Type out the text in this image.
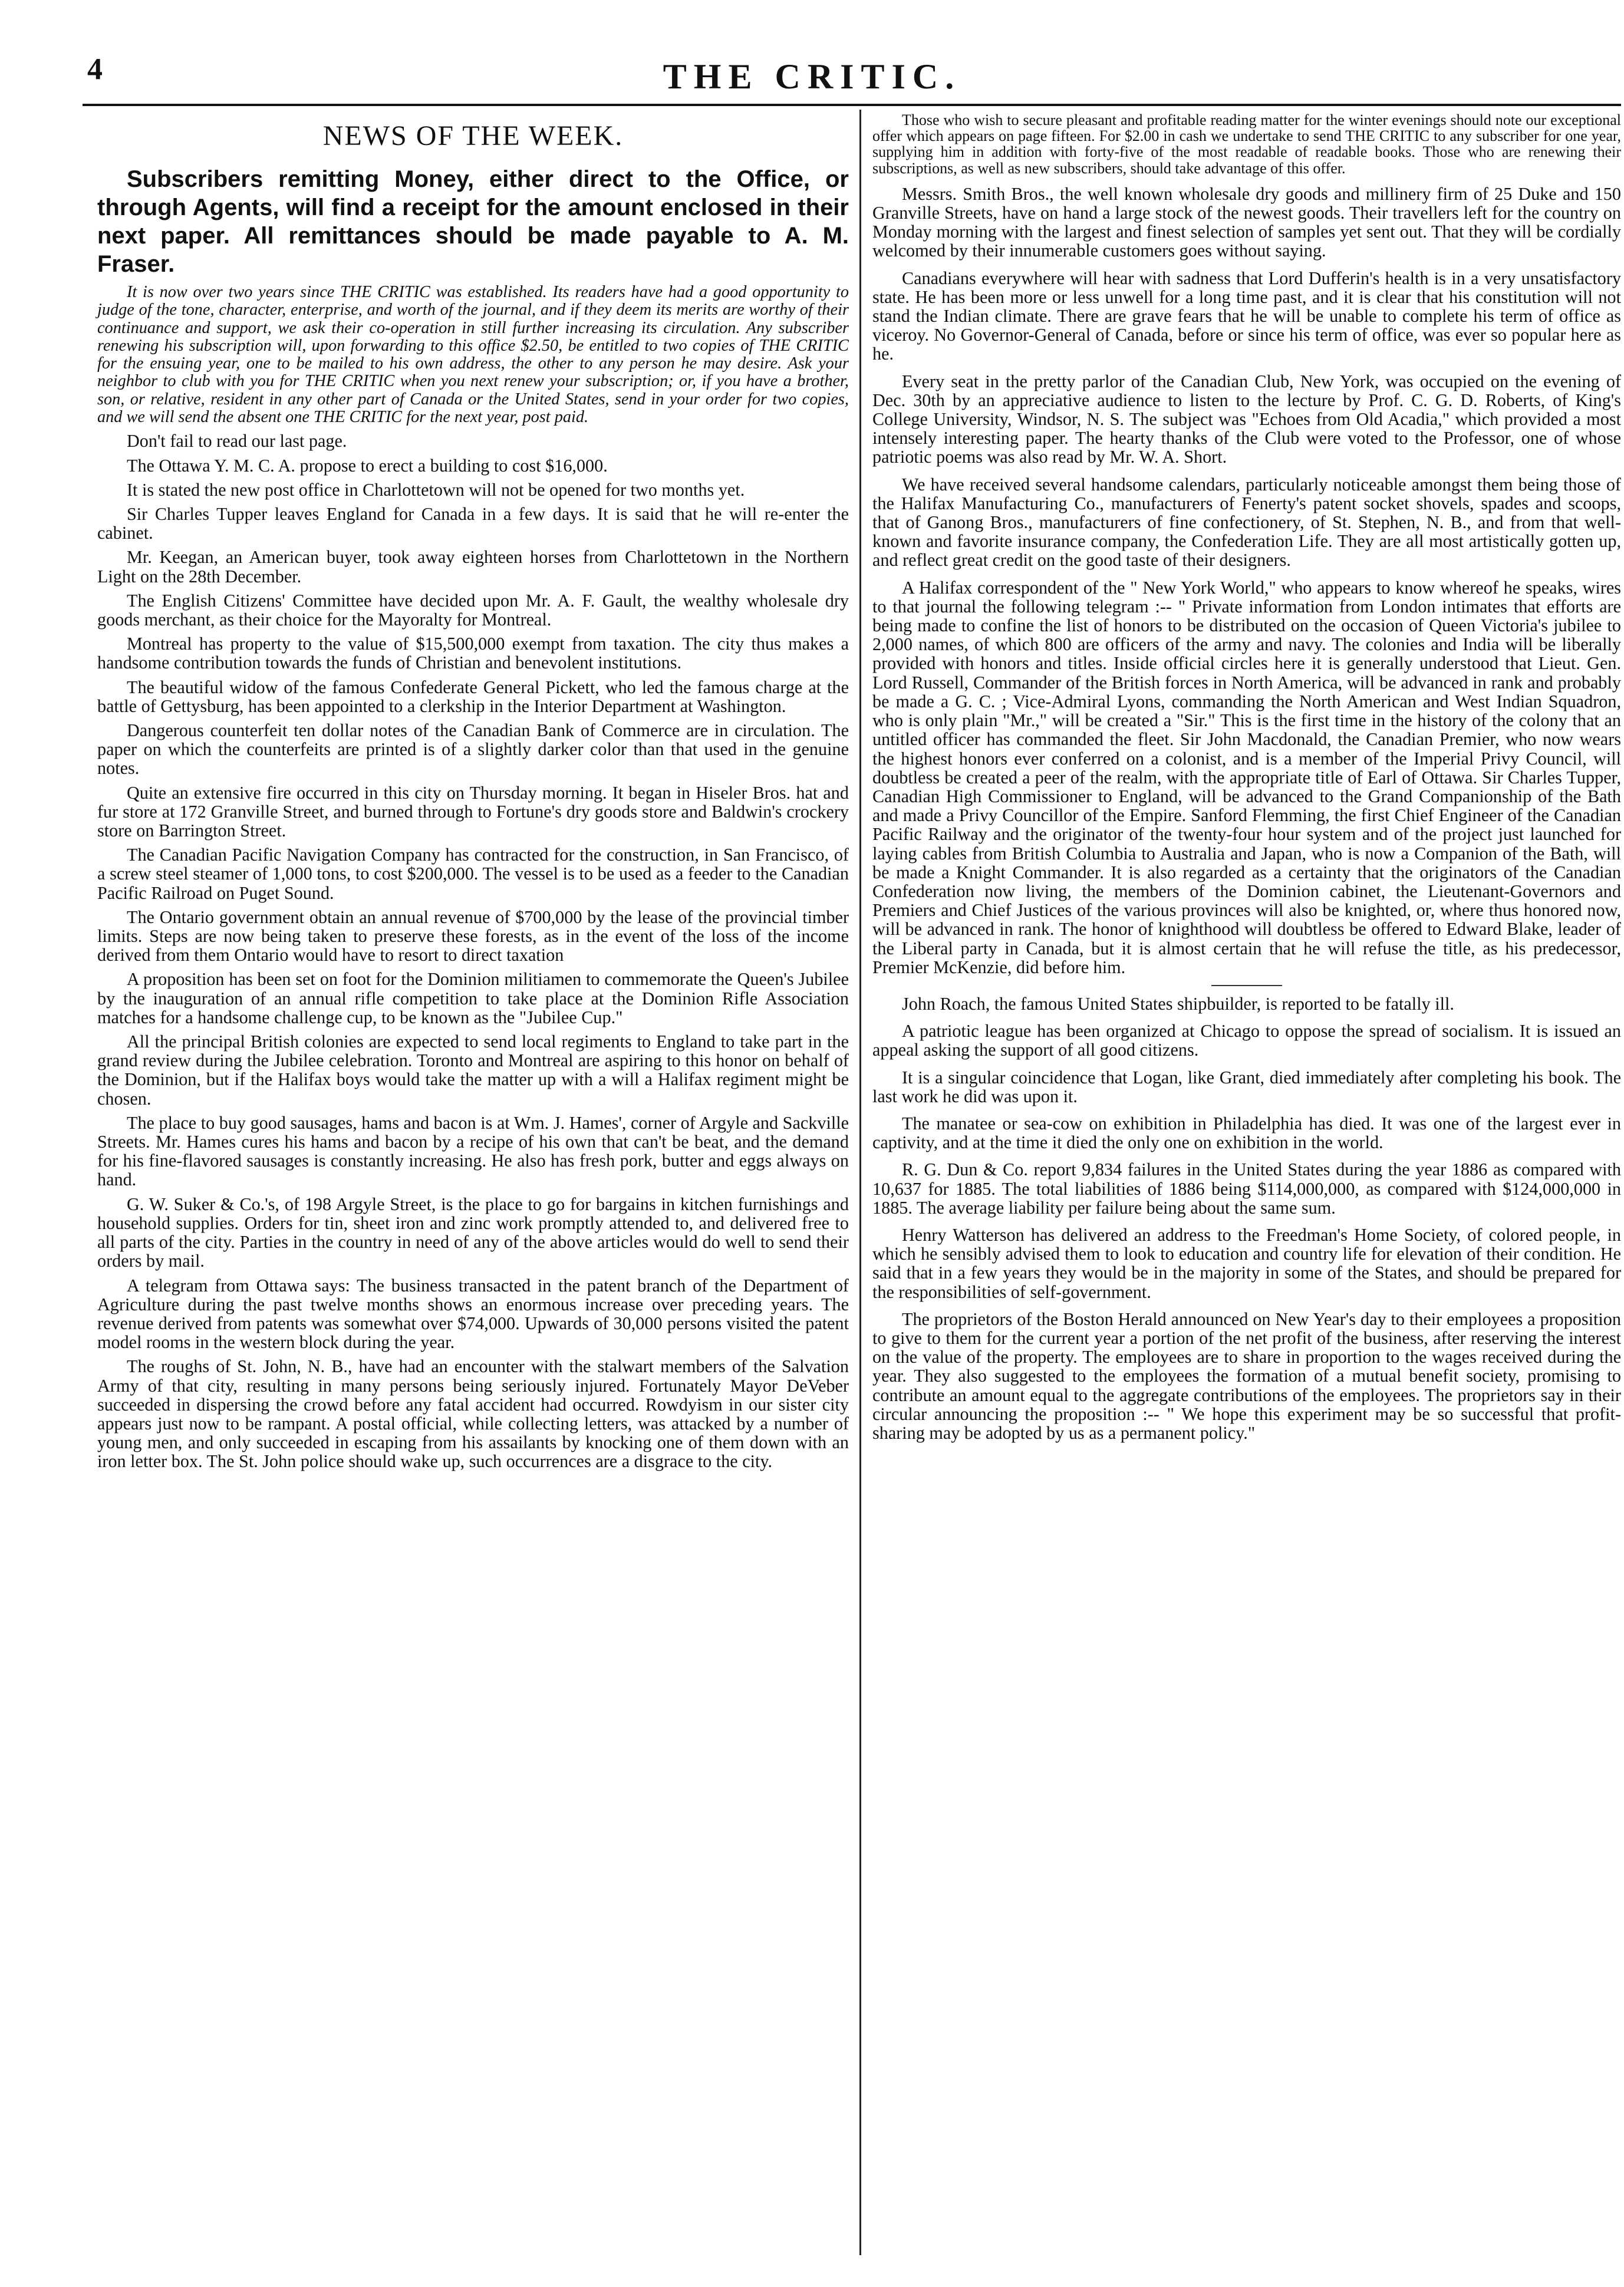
4	THE CRITIC.
NEWS OF THE WEEK.

Subscribers remitting Money, either direct to the Office, or through Agents, will find a receipt for the amount enclosed in their next paper. All remittances should be made payable to A. M. Fraser.

It is now over two years since THE CRITIC was established. Its readers have had a good opportunity to judge of the tone, character, enterprise, and worth of the journal, and if they deem its merits are worthy of their continuance and support, we ask their co-operation in still further increasing its circulation. Any subscriber renewing his subscription will, upon forwarding to this office $2.50, be entitled to two copies of THE CRITIC for the ensuing year, one to be mailed to his own address, the other to any person he may desire. Ask your neighbor to club with you for THE CRITIC when you next renew your subscription; or, if you have a brother, son, or relative, resident in any other part of Canada or the United States, send in your order for two copies, and we will send the absent one THE CRITIC for the next year, post paid.

Don't fail to read our last page.

The Ottawa Y. M. C. A. propose to erect a building to cost $16,000.

It is stated the new post office in Charlottetown will not be opened for two months yet.

Sir Charles Tupper leaves England for Canada in a few days. It is said that he will re-enter the cabinet.

Mr. Keegan, an American buyer, took away eighteen horses from Charlottetown in the Northern Light on the 28th December.

The English Citizens' Committee have decided upon Mr. A. F. Gault, the wealthy wholesale dry goods merchant, as their choice for the Mayoralty for Montreal.

Montreal has property to the value of $15,500,000 exempt from taxation. The city thus makes a handsome contribution towards the funds of Christian and benevolent institutions.

The beautiful widow of the famous Confederate General Pickett, who led the famous charge at the battle of Gettysburg, has been appointed to a clerkship in the Interior Department at Washington.

Dangerous counterfeit ten dollar notes of the Canadian Bank of Commerce are in circulation. The paper on which the counterfeits are printed is of a slightly darker color than that used in the genuine notes.

Quite an extensive fire occurred in this city on Thursday morning. It began in Hiseler Bros. hat and fur store at 172 Granville Street, and burned through to Fortune's dry goods store and Baldwin's crockery store on Barrington Street.

The Canadian Pacific Navigation Company has contracted for the construction, in San Francisco, of a screw steel steamer of 1,000 tons, to cost $200,000. The vessel is to be used as a feeder to the Canadian Pacific Railroad on Puget Sound.

The Ontario government obtain an annual revenue of $700,000 by the lease of the provincial timber limits. Steps are now being taken to preserve these forests, as in the event of the loss of the income derived from them Ontario would have to resort to direct taxation

A proposition has been set on foot for the Dominion militiamen to commemorate the Queen's Jubilee by the inauguration of an annual rifle competition to take place at the Dominion Rifle Association matches for a handsome challenge cup, to be known as the "Jubilee Cup."

All the principal British colonies are expected to send local regiments to England to take part in the grand review during the Jubilee celebration. Toronto and Montreal are aspiring to this honor on behalf of the Dominion, but if the Halifax boys would take the matter up with a will a Halifax regiment might be chosen.

The place to buy good sausages, hams and bacon is at Wm. J. Hames', corner of Argyle and Sackville Streets. Mr. Hames cures his hams and bacon by a recipe of his own that can't be beat, and the demand for his fine-flavored sausages is constantly increasing. He also has fresh pork, butter and eggs always on hand.

G. W. Suker & Co.'s, of 198 Argyle Street, is the place to go for bargains in kitchen furnishings and household supplies. Orders for tin, sheet iron and zinc work promptly attended to, and delivered free to all parts of the city. Parties in the country in need of any of the above articles would do well to send their orders by mail.

A telegram from Ottawa says: The business transacted in the patent branch of the Department of Agriculture during the past twelve months shows an enormous increase over preceding years. The revenue derived from patents was somewhat over $74,000. Upwards of 30,000 persons visited the patent model rooms in the western block during the year.

The roughs of St. John, N. B., have had an encounter with the stalwart members of the Salvation Army of that city, resulting in many persons being seriously injured. Fortunately Mayor DeVeber succeeded in dispersing the crowd before any fatal accident had occurred. Rowdyism in our sister city appears just now to be rampant. A postal official, while collecting letters, was attacked by a number of young men, and only succeeded in escaping from his assailants by knocking one of them down with an iron letter box. The St. John police should wake up, such occurrences are a disgrace to the city.

Those who wish to secure pleasant and profitable reading matter for the winter evenings should note our exceptional offer which appears on page fifteen. For $2.00 in cash we undertake to send THE CRITIC to any subscriber for one year, supplying him in addition with forty-five of the most readable of readable books. Those who are renewing their subscriptions, as well as new subscribers, should take advantage of this offer.

Messrs. Smith Bros., the well known wholesale dry goods and millinery firm of 25 Duke and 150 Granville Streets, have on hand a large stock of the newest goods. Their travellers left for the country on Monday morning with the largest and finest selection of samples yet sent out. That they will be cordially welcomed by their innumerable customers goes without saying.

Canadians everywhere will hear with sadness that Lord Dufferin's health is in a very unsatisfactory state. He has been more or less unwell for a long time past, and it is clear that his constitution will not stand the Indian climate. There are grave fears that he will be unable to complete his term of office as viceroy. No Governor-General of Canada, before or since his term of office, was ever so popular here as he.

Every seat in the pretty parlor of the Canadian Club, New York, was occupied on the evening of Dec. 30th by an appreciative audience to listen to the lecture by Prof. C. G. D. Roberts, of King's College University, Windsor, N. S. The subject was "Echoes from Old Acadia," which provided a most intensely interesting paper. The hearty thanks of the Club were voted to the Professor, one of whose patriotic poems was also read by Mr. W. A. Short.

We have received several handsome calendars, particularly noticeable amongst them being those of the Halifax Manufacturing Co., manufacturers of Fenerty's patent socket shovels, spades and scoops, that of Ganong Bros., manufacturers of fine confectionery, of St. Stephen, N. B., and from that well-known and favorite insurance company, the Confederation Life. They are all most artistically gotten up, and reflect great credit on the good taste of their designers.

A Halifax correspondent of the " New York World," who appears to know whereof he speaks, wires to that journal the following telegram :-- " Private information from London intimates that efforts are being made to confine the list of honors to be distributed on the occasion of Queen Victoria's jubilee to 2,000 names, of which 800 are officers of the army and navy. The colonies and India will be liberally provided with honors and titles. Inside official circles here it is generally understood that Lieut. Gen. Lord Russell, Commander of the British forces in North America, will be advanced in rank and probably be made a G. C. ; Vice-Admiral Lyons, commanding the North American and West Indian Squadron, who is only plain "Mr.," will be created a "Sir." This is the first time in the history of the colony that an untitled officer has commanded the fleet. Sir John Macdonald, the Canadian Premier, who now wears the highest honors ever conferred on a colonist, and is a member of the Imperial Privy Council, will doubtless be created a peer of the realm, with the appropriate title of Earl of Ottawa. Sir Charles Tupper, Canadian High Commissioner to England, will be advanced to the Grand Companionship of the Bath and made a Privy Councillor of the Empire. Sanford Flemming, the first Chief Engineer of the Canadian Pacific Railway and the originator of the twenty-four hour system and of the project just launched for laying cables from British Columbia to Australia and Japan, who is now a Companion of the Bath, will be made a Knight Commander. It is also regarded as a certainty that the originators of the Canadian Confederation now living, the members of the Dominion cabinet, the Lieutenant-Governors and Premiers and Chief Justices of the various provinces will also be knighted, or, where thus honored now, will be advanced in rank. The honor of knighthood will doubtless be offered to Edward Blake, leader of the Liberal party in Canada, but it is almost certain that he will refuse the title, as his predecessor, Premier McKenzie, did before him.

John Roach, the famous United States shipbuilder, is reported to be fatally ill.

A patriotic league has been organized at Chicago to oppose the spread of socialism. It is issued an appeal asking the support of all good citizens.

It is a singular coincidence that Logan, like Grant, died immediately after completing his book. The last work he did was upon it.

The manatee or sea-cow on exhibition in Philadelphia has died. It was one of the largest ever in captivity, and at the time it died the only one on exhibition in the world.

R. G. Dun & Co. report 9,834 failures in the United States during the year 1886 as compared with 10,637 for 1885. The total liabilities of 1886 being $114,000,000, as compared with $124,000,000 in 1885. The average liability per failure being about the same sum.

Henry Watterson has delivered an address to the Freedman's Home Society, of colored people, in which he sensibly advised them to look to education and country life for elevation of their condition. He said that in a few years they would be in the majority in some of the States, and should be prepared for the responsibilities of self-government.

The proprietors of the Boston Herald announced on New Year's day to their employees a proposition to give to them for the current year a portion of the net profit of the business, after reserving the interest on the value of the property. The employees are to share in proportion to the wages received during the year. They also suggested to the employees the formation of a mutual benefit society, promising to contribute an amount equal to the aggregate contributions of the employees. The proprietors say in their circular announcing the proposition :-- " We hope this experiment may be so successful that profit-sharing may be adopted by us as a permanent policy."
